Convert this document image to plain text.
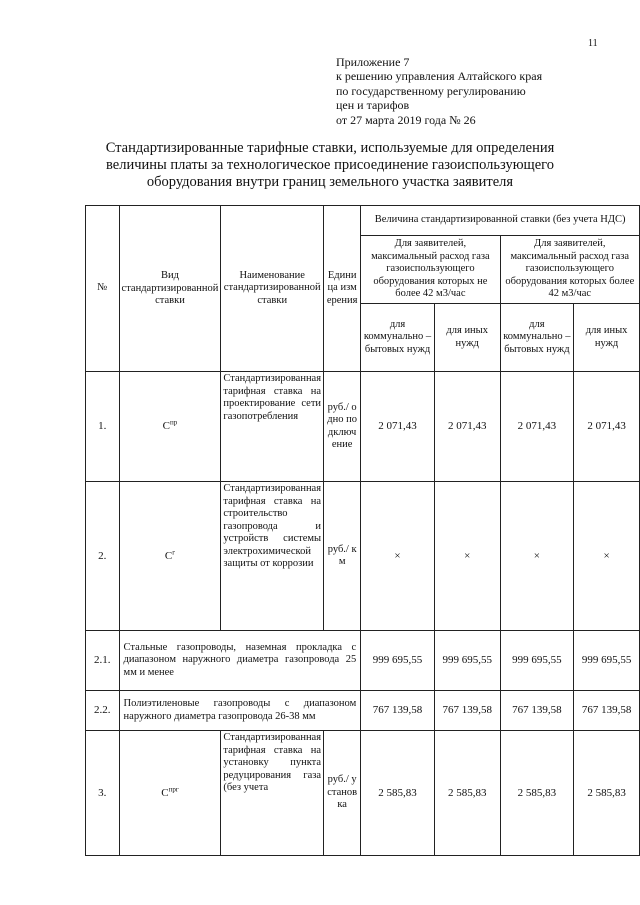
11
Приложение 7
к решению управления Алтайского края
по государственному регулированию
цен и тарифов
от 27 марта 2019 года № 26
Стандартизированные тарифные ставки, используемые для определения
величины платы за технологическое присоединение газоиспользующего
оборудования внутри границ земельного участка заявителя
№	Вид стандартизированной ставки	Наименование стандартизированной ставки	Единица измерения	Величина стандартизированной ставки (без учета НДС)			
				Для заявителей, максимальный расход газа газоиспользующего оборудования которых не более 42 м3/час		Для заявителей, максимальный расход газа газоиспользующего оборудования которых более 42 м3/час	
				для коммунально – бытовых нужд	для иных нужд	для коммунально – бытовых нужд	для иных нужд
1.	$С^{пр}$	Стандартизированная тарифная ставка на проектирование сети газопотребления	руб./ одно подключение	2 071,43	2 071,43	2 071,43	2 071,43
2.	$С^г$	Стандартизированная тарифная ставка на строительство газопровода и устройств системы электрохимической защиты от коррозии	руб./ км	×	×	×	×
2.1.	Стальные газопроводы, наземная прокладка с диапазоном наружного диаметра газопровода 25 мм и менее			999 695,55	999 695,55	999 695,55	999 695,55
2.2.	Полиэтиленовые газопроводы с диапазоном наружного диаметра газопровода 26-38 мм			767 139,58	767 139,58	767 139,58	767 139,58
3.	$С^{прг}$	Стандартизированная тарифная ставка на установку пункта редуцирования газа (без учета	руб./ установка	2 585,83	2 585,83	2 585,83	2 585,83
